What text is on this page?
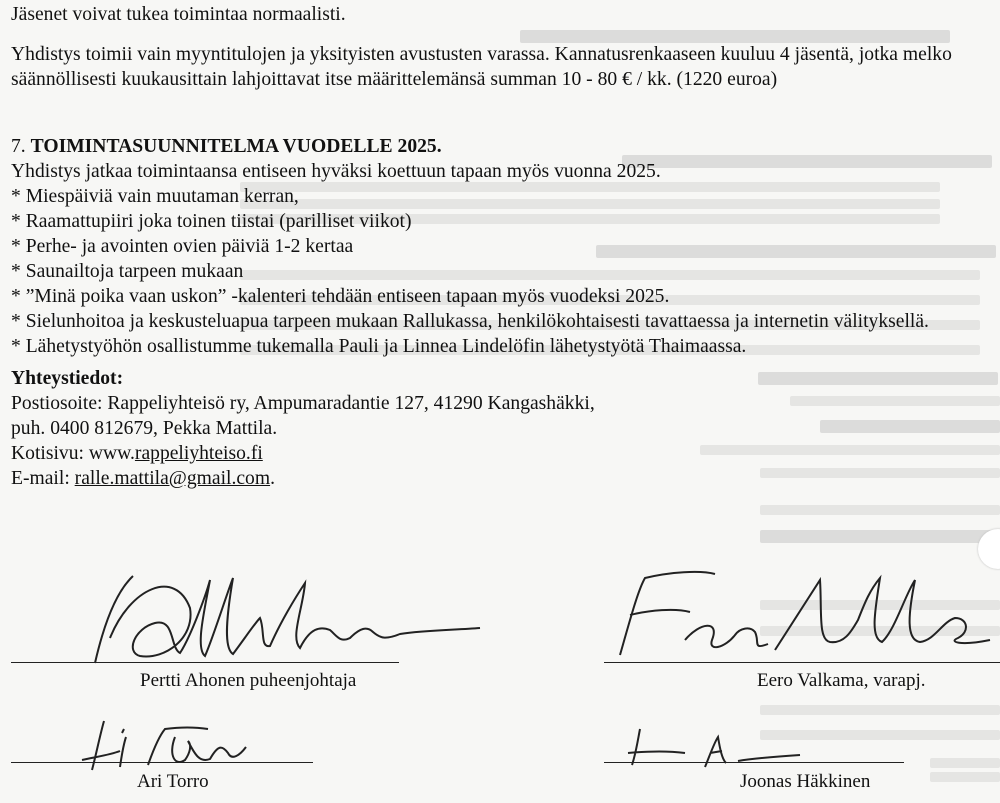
Jäsenet voivat tukea toimintaa normaalisti.

Yhdistys toimii vain myyntitulojen ja yksityisten avustusten varassa. Kannatusrenkaaseen kuuluu 4 jäsentä, jotka melko säännöllisesti kuukausittain lahjoittavat itse määrittelemänsä summan 10 - 80 € / kk. (1220 euroa)

7. TOIMINTASUUNNITELMA VUODELLE 2025.

Yhdistys jatkaa toimintaansa entiseen hyväksi koettuun tapaan myös vuonna 2025.

* Miespäiviä vain muutaman kerran,

* Raamattupiiri joka toinen tiistai (parilliset viikot)

* Perhe- ja avointen ovien päiviä 1-2 kertaa

* Saunailtoja tarpeen mukaan

* ”Minä poika vaan uskon” -kalenteri tehdään entiseen tapaan myös vuodeksi 2025.

* Sielunhoitoa ja keskusteluapua tarpeen mukaan Rallukassa, henkilökohtaisesti tavattaessa ja internetin välityksellä.

* Lähetystyöhön osallistumme tukemalla Pauli ja Linnea Lindelöfin lähetystyötä Thaimaassa.

Yhteystiedot:

Postiosoite: Rappeliyhteisö ry, Ampumaradantie 127, 41290 Kangashäkki,

puh. 0400 812679, Pekka Mattila.

Kotisivu: www.rappeliyhteiso.fi

E-mail: ralle.mattila@gmail.com.

Pertti Ahonen puheenjohtaja	Eero Valkama, varapj.
Ari Torro	Joonas Häkkinen
